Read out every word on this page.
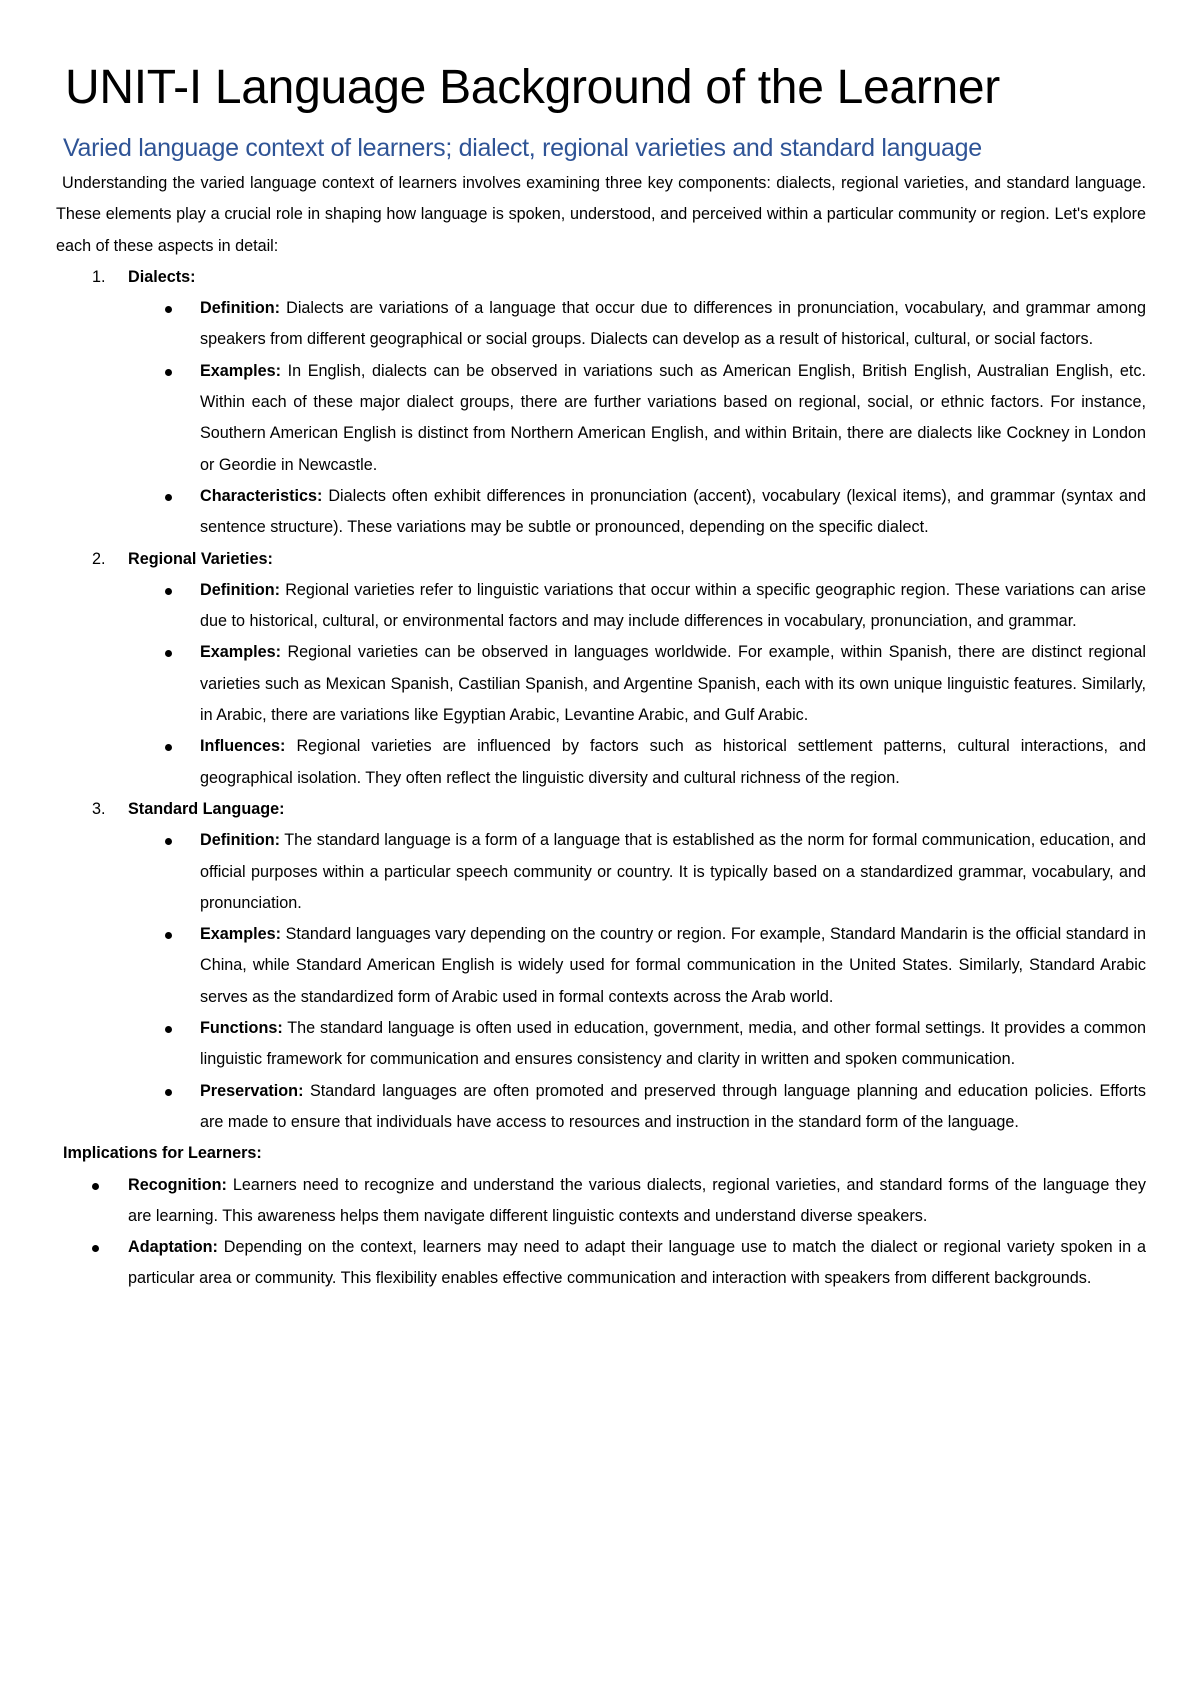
UNIT-I Language Background of the Learner
Varied language context of learners; dialect, regional varieties and standard language

Understanding the varied language context of learners involves examining three key components: dialects, regional varieties, and standard language. These elements play a crucial role in shaping how language is spoken, understood, and perceived within a particular community or region. Let's explore each of these aspects in detail:

1. Dialects:
Definition: Dialects are variations of a language that occur due to differences in pronunciation, vocabulary, and grammar among speakers from different geographical or social groups. Dialects can develop as a result of historical, cultural, or social factors.
Examples: In English, dialects can be observed in variations such as American English, British English, Australian English, etc. Within each of these major dialect groups, there are further variations based on regional, social, or ethnic factors. For instance, Southern American English is distinct from Northern American English, and within Britain, there are dialects like Cockney in London or Geordie in Newcastle.
Characteristics: Dialects often exhibit differences in pronunciation (accent), vocabulary (lexical items), and grammar (syntax and sentence structure). These variations may be subtle or pronounced, depending on the specific dialect.
2. Regional Varieties:
Definition: Regional varieties refer to linguistic variations that occur within a specific geographic region. These variations can arise due to historical, cultural, or environmental factors and may include differences in vocabulary, pronunciation, and grammar.
Examples: Regional varieties can be observed in languages worldwide. For example, within Spanish, there are distinct regional varieties such as Mexican Spanish, Castilian Spanish, and Argentine Spanish, each with its own unique linguistic features. Similarly, in Arabic, there are variations like Egyptian Arabic, Levantine Arabic, and Gulf Arabic.
Influences: Regional varieties are influenced by factors such as historical settlement patterns, cultural interactions, and geographical isolation. They often reflect the linguistic diversity and cultural richness of the region.
3. Standard Language:
Definition: The standard language is a form of a language that is established as the norm for formal communication, education, and official purposes within a particular speech community or country. It is typically based on a standardized grammar, vocabulary, and pronunciation.
Examples: Standard languages vary depending on the country or region. For example, Standard Mandarin is the official standard in China, while Standard American English is widely used for formal communication in the United States. Similarly, Standard Arabic serves as the standardized form of Arabic used in formal contexts across the Arab world.
Functions: The standard language is often used in education, government, media, and other formal settings. It provides a common linguistic framework for communication and ensures consistency and clarity in written and spoken communication.
Preservation: Standard languages are often promoted and preserved through language planning and education policies. Efforts are made to ensure that individuals have access to resources and instruction in the standard form of the language.

Implications for Learners:

Recognition: Learners need to recognize and understand the various dialects, regional varieties, and standard forms of the language they are learning. This awareness helps them navigate different linguistic contexts and understand diverse speakers.
Adaptation: Depending on the context, learners may need to adapt their language use to match the dialect or regional variety spoken in a particular area or community. This flexibility enables effective communication and interaction with speakers from different backgrounds.
